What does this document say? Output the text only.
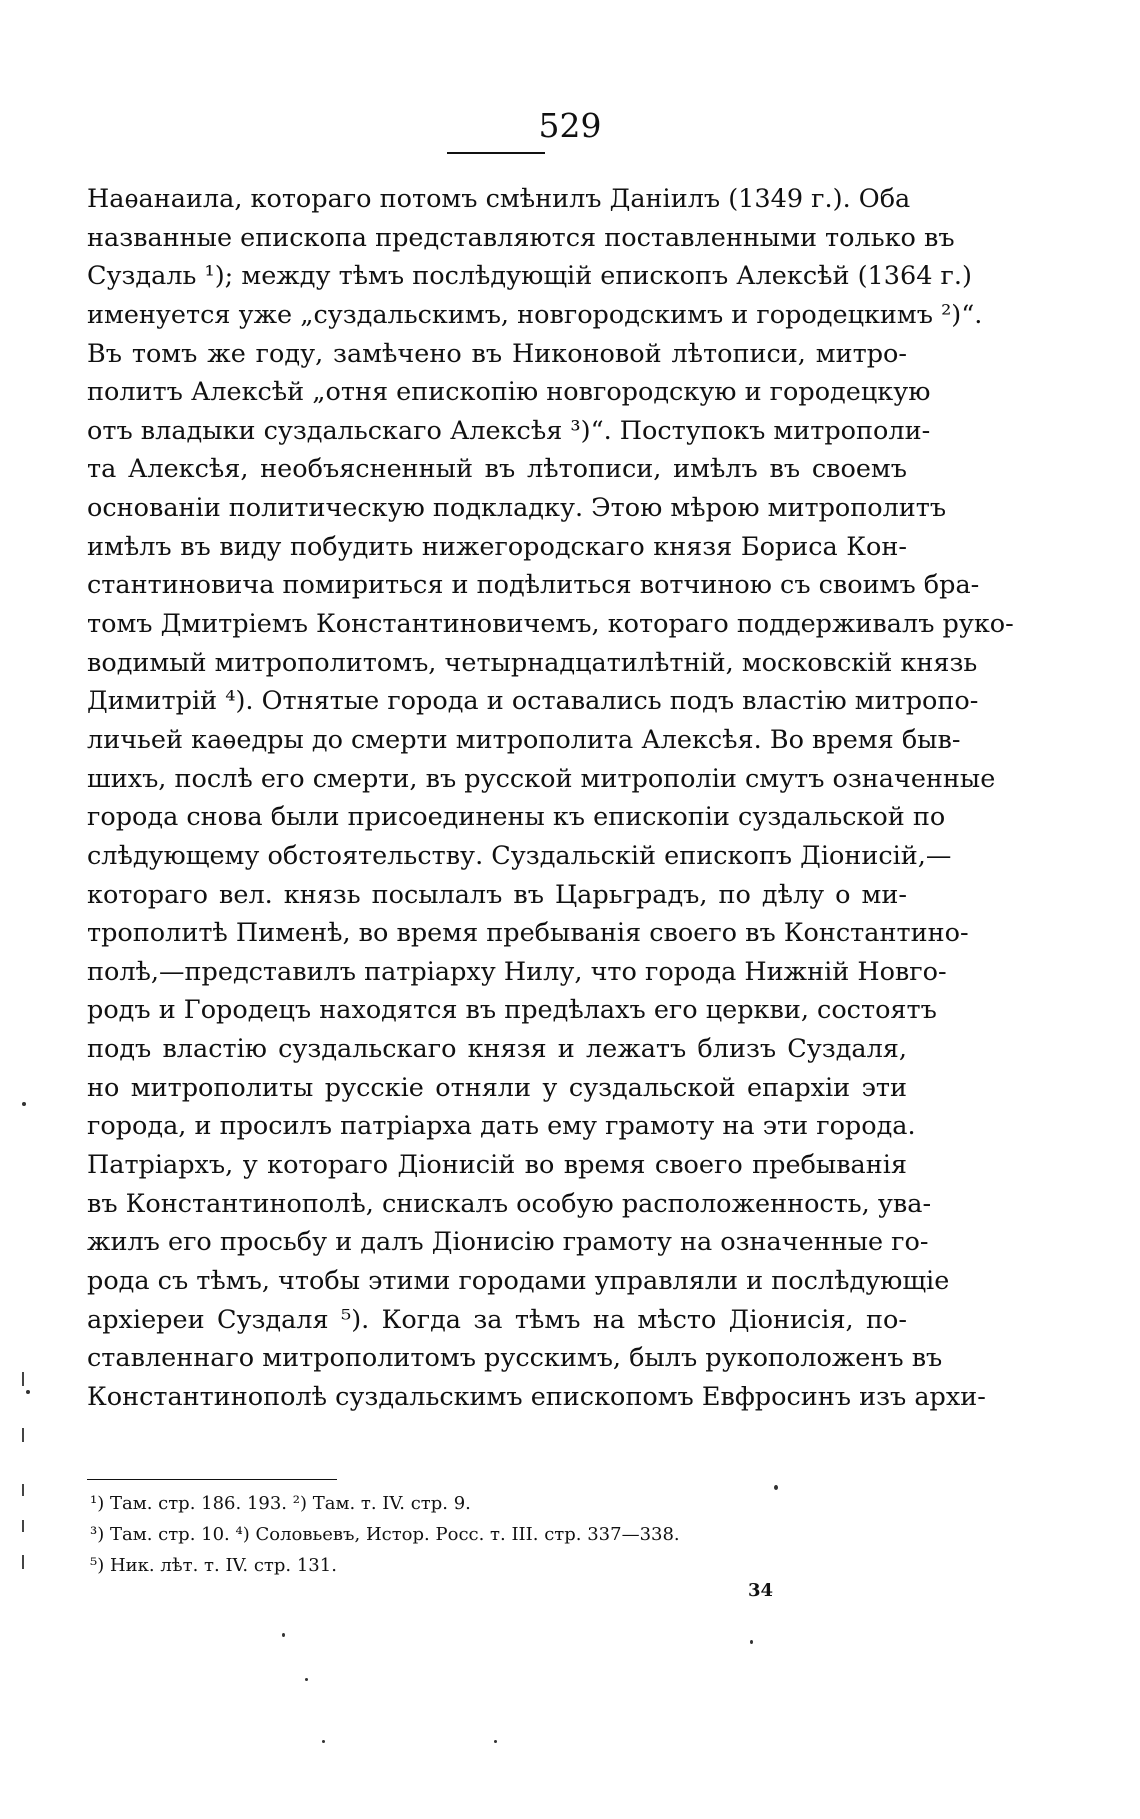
529
Наѳанаила, котораго потомъ смѣнилъ Даніилъ (1349 г.). Оба
названные епископа представляются поставленными только въ
Суздаль ¹); между тѣмъ послѣдующій епископъ Алексѣй (1364 г.)
именуется уже „суздальскимъ, новгородскимъ и городецкимъ ²)“.
Въ томъ же году, замѣчено въ Никоновой лѣтописи, митро-
политъ Алексѣй „отня епископію новгородскую и городецкую
отъ владыки суздальскаго Алексѣя ³)“. Поступокъ митрополи-
та Алексѣя, необъясненный въ лѣтописи, имѣлъ въ своемъ
основаніи политическую подкладку. Этою мѣрою митрополитъ
имѣлъ въ виду побудить нижегородскаго князя Бориса Кон-
стантиновича помириться и подѣлиться вотчиною съ своимъ бра-
томъ Дмитріемъ Константиновичемъ, котораго поддерживалъ руко-
водимый митрополитомъ, четырнадцатилѣтній, московскій князь
Димитрій ⁴). Отнятые города и оставались подъ властію митропо-
личьей каѳедры до смерти митрополита Алексѣя. Во время быв-
шихъ, послѣ его смерти, въ русской митрополіи смутъ означенные
города снова были присоединены къ епископіи суздальской по
слѣдующему обстоятельству. Суздальскій епископъ Діонисій,—
котораго вел. князь посылалъ въ Царьградъ, по дѣлу о ми-
трополитѣ Пименѣ, во время пребыванія своего въ Константино-
полѣ,—представилъ патріарху Нилу, что города Нижній Новго-
родъ и Городецъ находятся въ предѣлахъ его церкви, состоятъ
подъ властію суздальскаго князя и лежатъ близъ Суздаля,
но митрополиты русскіе отняли у суздальской епархіи эти
города, и просилъ патріарха дать ему грамоту на эти города.
Патріархъ, у котораго Діонисій во время своего пребыванія
въ Константинополѣ, снискалъ особую расположенность, ува-
жилъ его просьбу и далъ Діонисію грамоту на означенные го-
рода съ тѣмъ, чтобы этими городами управляли и послѣдующіе
архіереи Суздаля ⁵). Когда за тѣмъ на мѣсто Діонисія, по-
ставленнаго митрополитомъ русскимъ, былъ рукоположенъ въ
Константинополѣ суздальскимъ епископомъ Евфросинъ изъ архи-
¹) Там. стр. 186. 193. ²) Там. т. IV. стр. 9.
³) Там. стр. 10. ⁴) Соловьевъ, Истор. Росс. т. III. стр. 337—338.
⁵) Ник. лѣт. т. IV. стр. 131.
34
